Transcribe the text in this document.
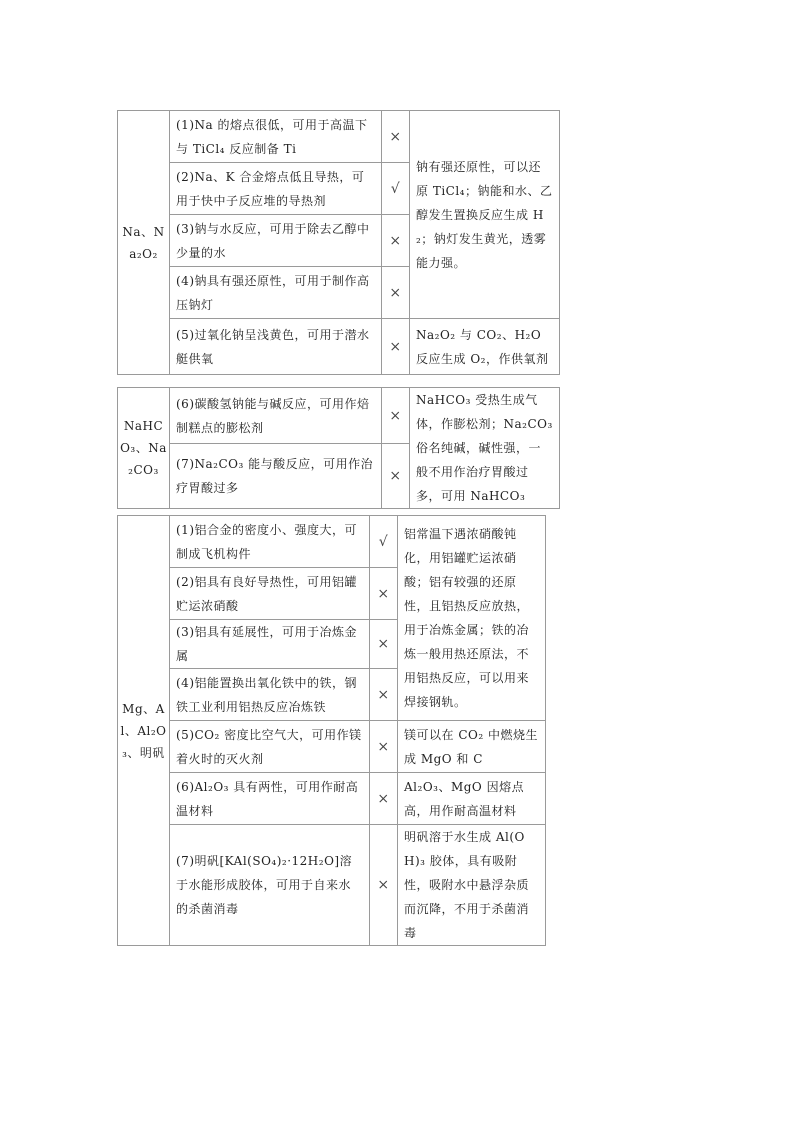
Na、Na₂O₂	(1)Na 的熔点很低，可用于高温下与 TiCl₄ 反应制备 Ti	×	钠有强还原性，可以还原 TiCl₄；钠能和水、乙醇发生置换反应生成 H₂；钠灯发生黄光，透雾能力强。
	(2)Na、K 合金熔点低且导热，可用于快中子反应堆的导热剂	√	
	(3)钠与水反应，可用于除去乙醇中少量的水	×	
	(4)钠具有强还原性，可用于制作高压钠灯	×	
	(5)过氧化钠呈浅黄色，可用于潜水艇供氧	×	Na₂O₂ 与 CO₂、H₂O 反应生成 O₂，作供氧剂
NaHCO₃、Na₂CO₃	(6)碳酸氢钠能与碱反应，可用作焙制糕点的膨松剂	×	NaHCO₃ 受热生成气体，作膨松剂；Na₂CO₃ 俗名纯碱，碱性强，一般不用作治疗胃酸过多，可用 NaHCO₃
	(7)Na₂CO₃ 能与酸反应，可用作治疗胃酸过多	×	
Mg、Al、Al₂O₃、明矾	(1)铝合金的密度小、强度大，可制成飞机构件	√	铝常温下遇浓硝酸钝化，用铝罐贮运浓硝酸；铝有较强的还原性，且铝热反应放热，用于冶炼金属；铁的冶炼一般用热还原法，不用铝热反应，可以用来焊接钢轨。
	(2)铝具有良好导热性，可用铝罐贮运浓硝酸	×	
	(3)铝具有延展性，可用于冶炼金属	×	
	(4)铝能置换出氧化铁中的铁，钢铁工业利用铝热反应冶炼铁	×	
	(5)CO₂ 密度比空气大，可用作镁着火时的灭火剂	×	镁可以在 CO₂ 中燃烧生成 MgO 和 C
	(6)Al₂O₃ 具有两性，可用作耐高温材料	×	Al₂O₃、MgO 因熔点高，用作耐高温材料
	(7)明矾[KAl(SO₄)₂·12H₂O]溶于水能形成胶体，可用于自来水的杀菌消毒	×	明矾溶于水生成 Al(OH)₃ 胶体，具有吸附性，吸附水中悬浮杂质而沉降，不用于杀菌消毒
